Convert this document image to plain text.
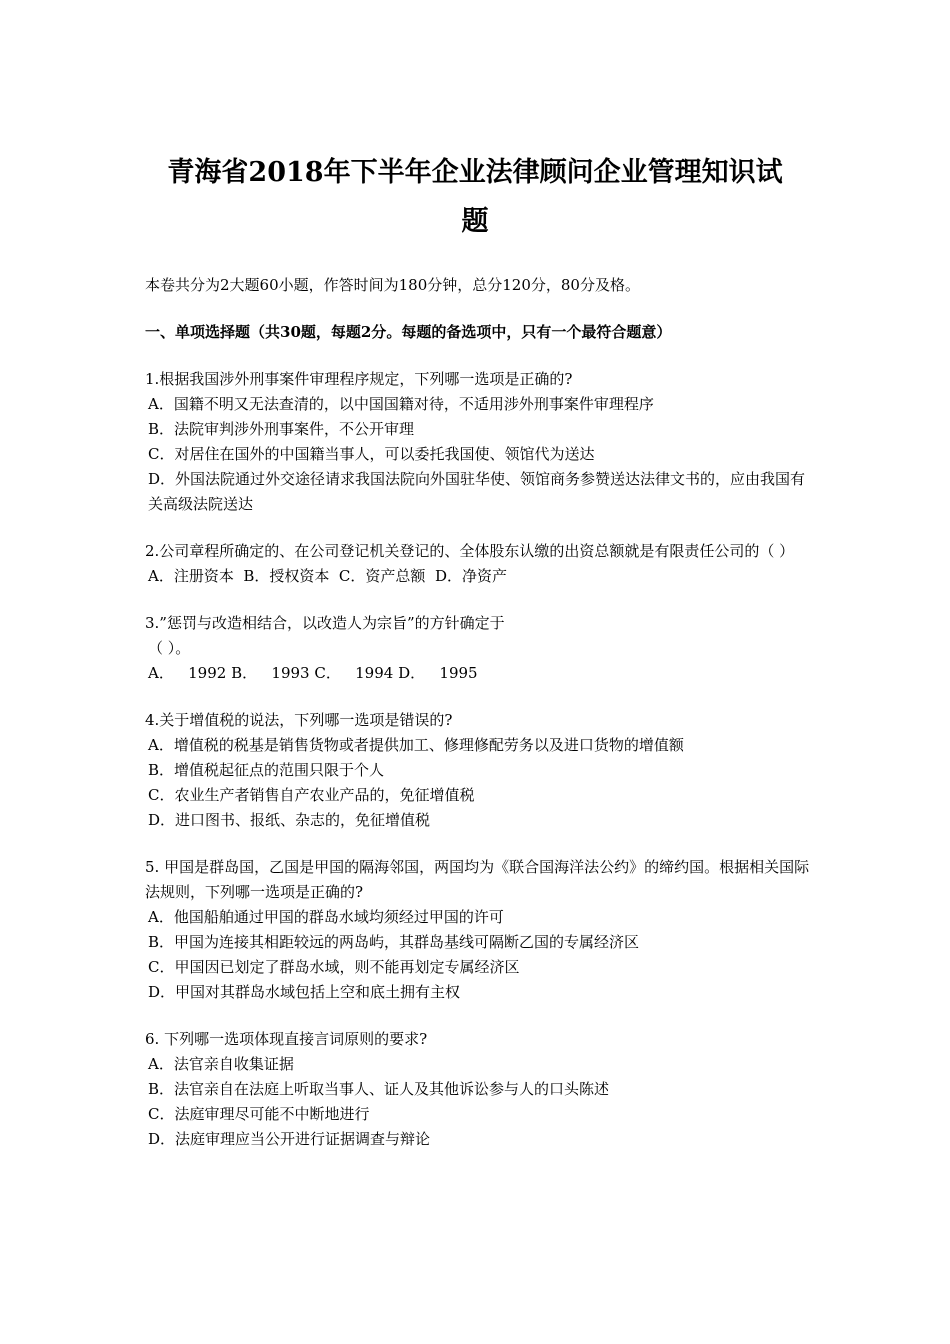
青海省2018年下半年企业法律顾问企业管理知识试
题

本卷共分为2大题60小题，作答时间为180分钟，总分120分，80分及格。

一、单项选择题（共30题，每题2分。每题的备选项中，只有一个最符合题意）

1.根据我国涉外刑事案件审理程序规定，下列哪一选项是正确的?

A．国籍不明又无法查清的，以中国国籍对待，不适用涉外刑事案件审理程序

B．法院审判涉外刑事案件，不公开审理

C．对居住在国外的中国籍当事人，可以委托我国使、领馆代为送达

D．外国法院通过外交途径请求我国法院向外国驻华使、领馆商务参赞送达法律文书的，应由我国有关高级法院送达

2.公司章程所确定的、在公司登记机关登记的、全体股东认缴的出资总额就是有限责任公司的（ ）

A．注册资本  B．授权资本  C．资产总额  D．净资产

3.”惩罚与改造相结合，以改造人为宗旨”的方针确定于

（ ）。

A．   1992 B．   1993 C．   1994 D．   1995

4.关于增值税的说法，下列哪一选项是错误的?

A．增值税的税基是销售货物或者提供加工、修理修配劳务以及进口货物的增值额

B．增值税起征点的范围只限于个人

C．农业生产者销售自产农业产品的，免征增值税

D．进口图书、报纸、杂志的，免征增值税

5. 甲国是群岛国，乙国是甲国的隔海邻国，两国均为《联合国海洋法公约》的缔约国。根据相关国际法规则，下列哪一选项是正确的?

A．他国船舶通过甲国的群岛水域均须经过甲国的许可

B．甲国为连接其相距较远的两岛屿，其群岛基线可隔断乙国的专属经济区

C．甲国因已划定了群岛水域，则不能再划定专属经济区

D．甲国对其群岛水域包括上空和底土拥有主权

6. 下列哪一选项体现直接言词原则的要求?

A．法官亲自收集证据

B．法官亲自在法庭上听取当事人、证人及其他诉讼参与人的口头陈述

C．法庭审理尽可能不中断地进行

D．法庭审理应当公开进行证据调查与辩论
